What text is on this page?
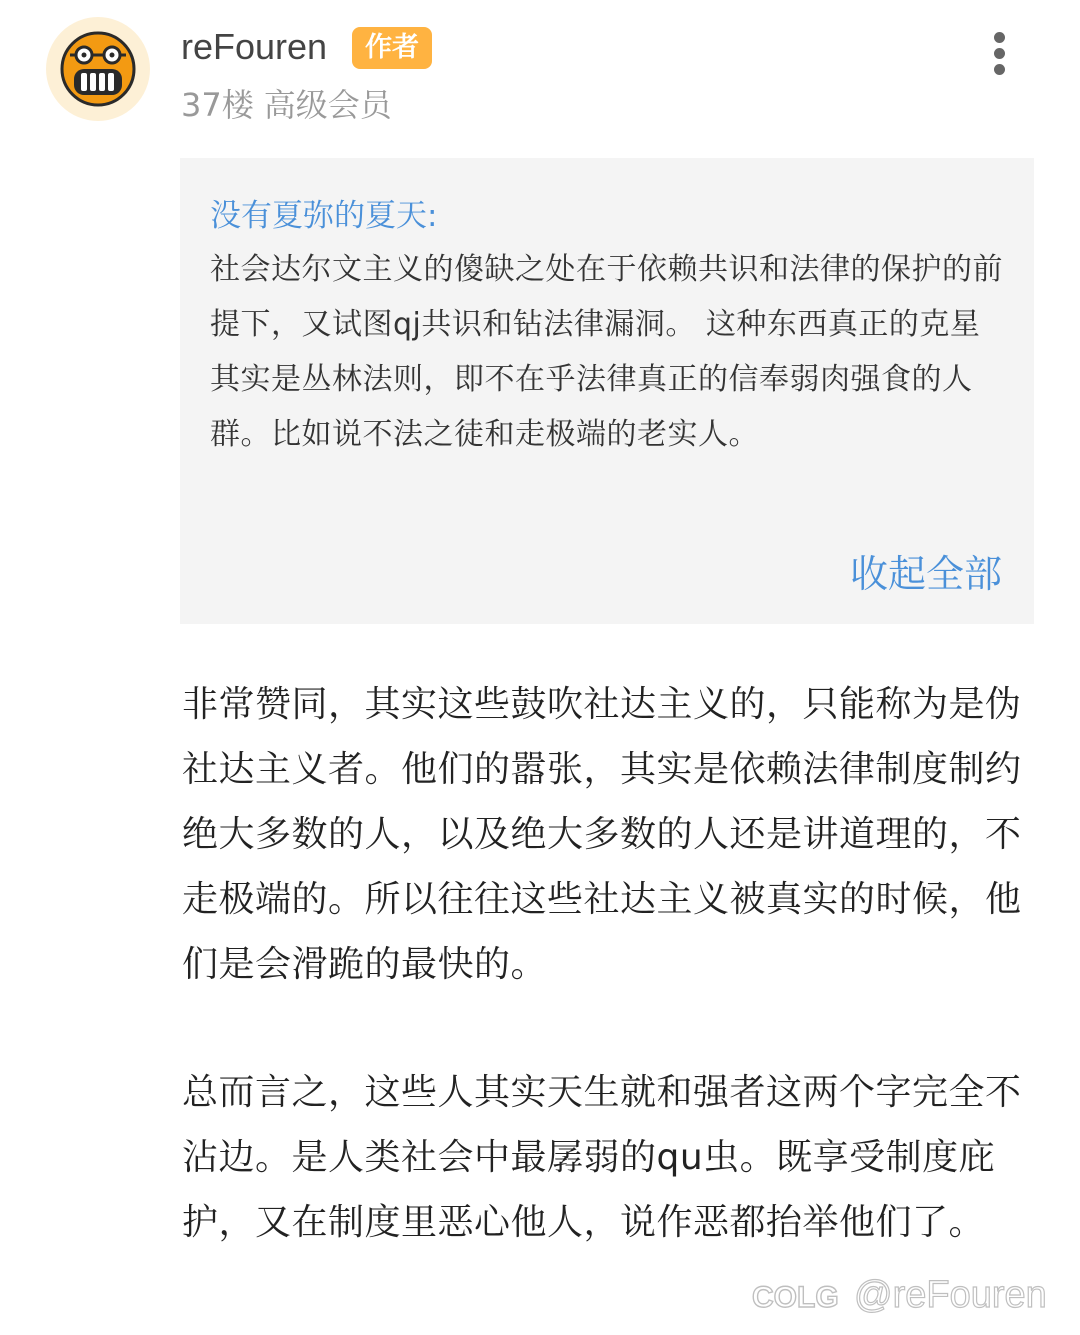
reFouren	作者
37楼 高级会员
没有夏弥的夏天:

社会达尔文主义的傻缺之处在于依赖共识和法律的保护的前提下，又试图qj共识和钻法律漏洞。 这种东西真正的克星其实是丛林法则，即不在乎法律真正的信奉弱肉强食的人群。比如说不法之徒和走极端的老实人。

收起全部

非常赞同，其实这些鼓吹社达主义的，只能称为是伪社达主义者。他们的嚣张，其实是依赖法律制度制约绝大多数的人，以及绝大多数的人还是讲道理的，不走极端的。所以往往这些社达主义被真实的时候，他们是会滑跪的最快的。

总而言之，这些人其实天生就和强者这两个字完全不沾边。是人类社会中最孱弱的qu虫。既享受制度庇护，又在制度里恶心他人，说作恶都抬举他们了。

COLG @reFouren
